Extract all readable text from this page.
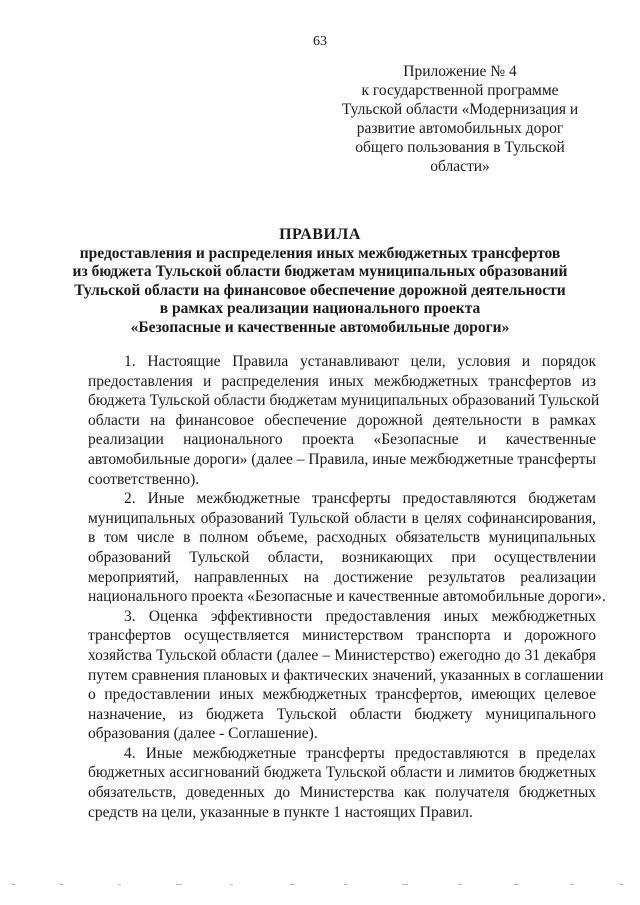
63
Приложение № 4
к государственной программе
Тульской области «Модернизация и
развитие автомобильных дорог
общего пользования в Тульской
области»
ПРАВИЛА
предоставления и распределения иных межбюджетных трансфертов
из бюджета Тульской области бюджетам муниципальных образований
Тульской области на финансовое обеспечение дорожной деятельности
в рамках реализации национального проекта
«Безопасные и качественные автомобильные дороги»
1. Настоящие Правила устанавливают цели, условия и порядок
предоставления и распределения иных межбюджетных трансфертов из
бюджета Тульской области бюджетам муниципальных образований Тульской
области на финансовое обеспечение дорожной деятельности в рамках
реализации национального проекта «Безопасные и качественные
автомобильные дороги» (далее – Правила, иные межбюджетные трансферты
соответственно).
2. Иные межбюджетные трансферты предоставляются бюджетам
муниципальных образований Тульской области в целях софинансирования,
в том числе в полном объеме, расходных обязательств муниципальных
образований Тульской области, возникающих при осуществлении
мероприятий, направленных на достижение результатов реализации
национального проекта «Безопасные и качественные автомобильные дороги».
3. Оценка эффективности предоставления иных межбюджетных
трансфертов осуществляется министерством транспорта и дорожного
хозяйства Тульской области (далее – Министерство) ежегодно до 31 декабря
путем сравнения плановых и фактических значений, указанных в соглашении
о предоставлении иных межбюджетных трансфертов, имеющих целевое
назначение, из бюджета Тульской области бюджету муниципального
образования (далее - Соглашение).
4. Иные межбюджетные трансферты предоставляются в пределах
бюджетных ассигнований бюджета Тульской области и лимитов бюджетных
обязательств, доведенных до Министерства как получателя бюджетных
средств на цели, указанные в пункте 1 настоящих Правил.
